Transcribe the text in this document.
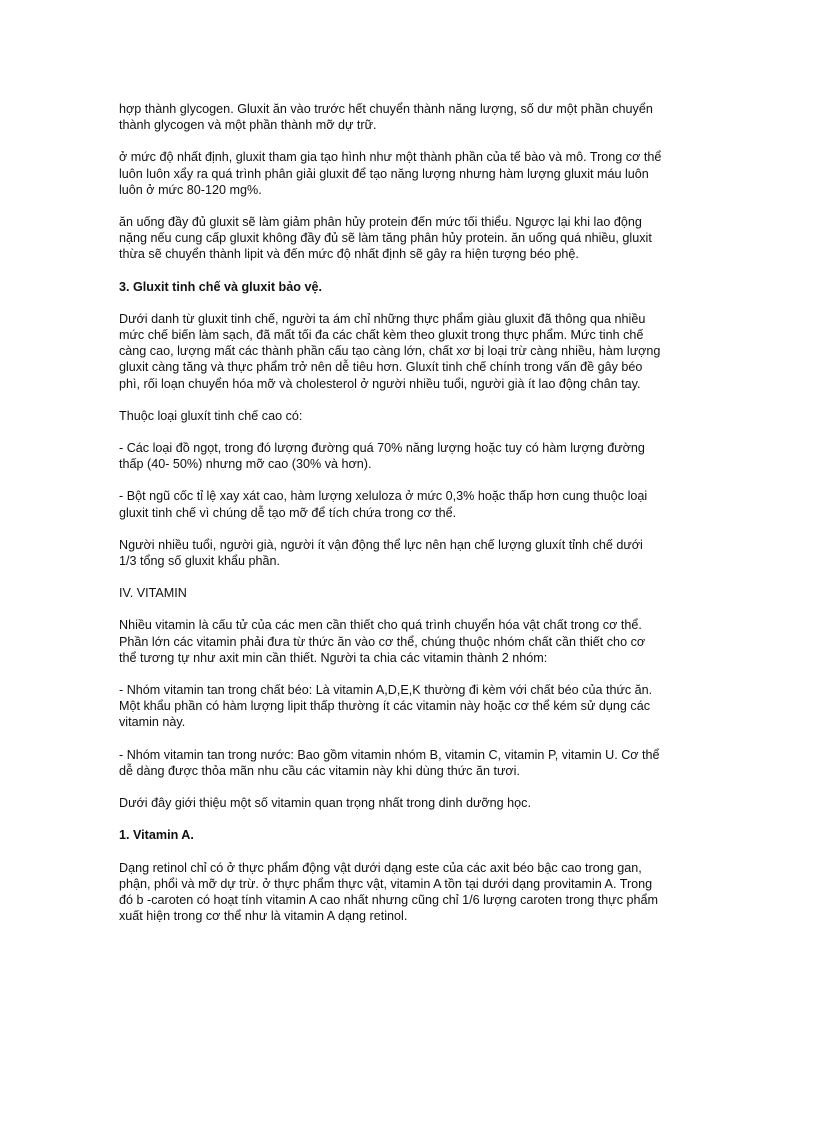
hợp thành glycogen. Gluxit ăn vào trước hết chuyển thành năng lượng, số dư một phần chuyển
thành glycogen và một phần thành mỡ dự trữ.

ở mức độ nhất định, gluxit tham gia tạo hình như một thành phần của tế bào và mô. Trong cơ thể
luôn luôn xẩy ra quá trình phân giải gluxit để tạo năng lượng nhưng hàm lượng gluxit máu luôn
luôn ở mức 80-120 mg%.

ăn uống đầy đủ gluxit sẽ làm giảm phân hủy protein đến mức tối thiểu. Ngược lại khi lao động
nặng nếu cung cấp gluxit không đầy đủ sẽ làm tăng phân hủy protein. ăn uống quá nhiều, gluxit
thừa sẽ chuyển thành lipit và đến mức độ nhất định sẽ gây ra hiện tượng béo phệ.

3. Gluxit tinh chế và gluxit bảo vệ.

Dưới danh từ gluxit tinh chế, người ta ám chỉ những thực phẩm giàu gluxit đã thông qua nhiều
mức chế biến làm sạch, đã mất tối đa các chất kèm theo gluxit trong thực phẩm. Mức tinh chế
càng cao, lượng mất các thành phần cấu tạo càng lớn, chất xơ bị loại trừ càng nhiều, hàm lượng
gluxit càng tăng và thực phẩm trở nên dễ tiêu hơn. Gluxít tinh chế chính trong vấn đề gây béo
phì, rối loạn chuyển hóa mỡ và cholesterol ở người nhiều tuổi, người già ít lao động chân tay.

Thuộc loại gluxít tinh chế cao có:

- Các loại đồ ngọt, trong đó lượng đường quá 70% năng lượng hoặc tuy có hàm lượng đường
thấp (40- 50%) nhưng mỡ cao (30% và hơn).

- Bột ngũ cốc tỉ lệ xay xát cao, hàm lượng xeluloza ở mức 0,3% hoặc thấp hơn cung thuộc loại
gluxit tinh chế vì chúng dễ tạo mỡ để tích chứa trong cơ thể.

Người nhiều tuổi, người già, người ít vận động thể lực nên hạn chế lượng gluxít tỉnh chế dưới
1/3 tổng số gluxit khẩu phần.

IV. VITAMIN

Nhiều vitamin là cấu tử của các men cần thiết cho quá trình chuyển hóa vật chất trong cơ thể.
Phần lớn các vitamin phải đưa từ thức ăn vào cơ thể, chúng thuộc nhóm chất cần thiết cho cơ
thể tương tự như axit min cần thiết. Người ta chia các vitamin thành 2 nhóm:

- Nhóm vitamin tan trong chất béo: Là vitamin A,D,E,K thường đi kèm với chất béo của thức ăn.
Một khẩu phần có hàm lượng lipit thấp thường ít các vitamin này hoặc cơ thể kém sử dụng các
vitamin này.

- Nhóm vitamin tan trong nước: Bao gồm vitamin nhóm B, vitamin C, vitamin P, vitamin U. Cơ thể
dễ dàng được thỏa mãn nhu cầu các vitamin này khi dùng thức ăn tươi.

Dưới đây giới thiệu một số vitamin quan trọng nhất trong dinh dưỡng học.

1. Vitamin A.

Dạng retinol chỉ có ở thực phẩm động vật dưới dạng este của các axit béo bậc cao trong gan,
phận, phổi và mỡ dự trừ. ở thực phẩm thực vật, vitamin A tồn tại dưới dạng provitamin A. Trong
đó b -caroten có hoạt tính vitamin A cao nhất nhưng cũng chỉ 1/6 lượng caroten trong thực phẩm
xuất hiện trong cơ thể như là vitamin A dạng retinol.
